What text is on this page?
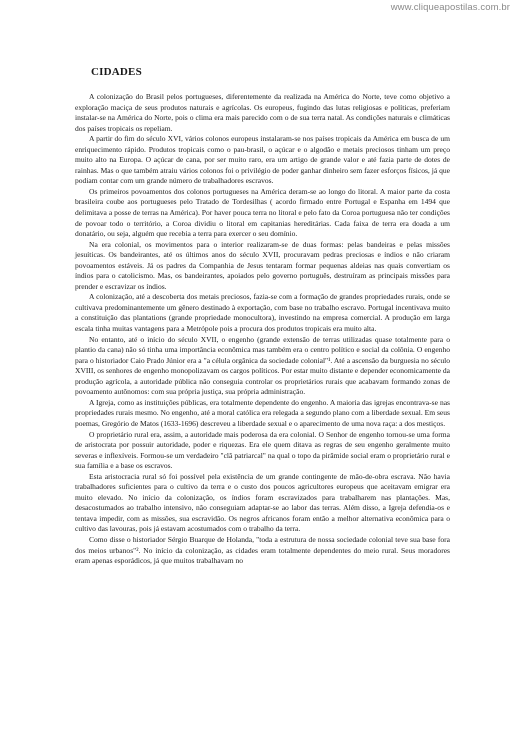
www.cliqueapostilas.com.br
CIDADES

A colonização do Brasil pelos portugueses, diferentemente da realizada na América do Norte, teve como objetivo a exploração maciça de seus produtos naturais e agrícolas. Os europeus, fugindo das lutas religiosas e políticas, preferiam instalar-se na América do Norte, pois o clima era mais parecido com o de sua terra natal. As condições naturais e climáticas dos países tropicais os repeliam.

A partir do fim do século XVI, vários colonos europeus instalaram-se nos países tropicais da América em busca de um enriquecimento rápido. Produtos tropicais como o pau-brasil, o açúcar e o algodão e metais preciosos tinham um preço muito alto na Europa. O açúcar de cana, por ser muito raro, era um artigo de grande valor e até fazia parte de dotes de rainhas. Mas o que também atraiu vários colonos foi o privilégio de poder ganhar dinheiro sem fazer esforços físicos, já que podiam contar com um grande número de trabalhadores escravos.

Os primeiros povoamentos dos colonos portugueses na América deram-se ao longo do litoral. A maior parte da costa brasileira coube aos portugueses pelo Tratado de Tordesilhas ( acordo firmado entre Portugal e Espanha em 1494 que delimitava a posse de terras na América). Por haver pouca terra no litoral e pelo fato da Coroa portuguesa não ter condições de povoar todo o território, a Coroa dividiu o litoral em capitanias hereditárias. Cada faixa de terra era doada a um donatário, ou seja, alguém que recebia a terra para exercer o seu domínio.

Na era colonial, os movimentos para o interior realizaram-se de duas formas: pelas bandeiras e pelas missões jesuíticas. Os bandeirantes, até os últimos anos do século XVII, procuravam pedras preciosas e índios e não criaram povoamentos estáveis. Já os padres da Companhia de Jesus tentaram formar pequenas aldeias nas quais convertiam os índios para o catolicismo. Mas, os bandeirantes, apoiados pelo governo português, destruíram as principais missões para prender e escravizar os índios.

A colonização, até a descoberta dos metais preciosos, fazia-se com a formação de grandes propriedades rurais, onde se cultivava predominantemente um gênero destinado à exportação, com base no trabalho escravo. Portugal incentivava muito a constituição das plantations (grande propriedade monocultora), investindo na empresa comercial. A produção em larga escala tinha muitas vantagens para a Metrópole pois a procura dos produtos tropicais era muito alta.

No entanto, até o início do século XVII, o engenho (grande extensão de terras utilizadas quase totalmente para o plantio da cana) não só tinha uma importância econômica mas também era o centro político e social da colônia. O engenho para o historiador Caio Prado Júnior era a "a célula orgânica da sociedade colonial"¹. Até a ascensão da burguesia no século XVIII, os senhores de engenho monopolizavam os cargos políticos. Por estar muito distante e depender economicamente da produção agrícola, a autoridade pública não conseguia controlar os proprietários rurais que acabavam formando zonas de povoamento autônomos: com sua própria justiça, sua própria administração.

A Igreja, como as instituições públicas, era totalmente dependente do engenho. A maioria das igrejas encontrava-se nas propriedades rurais mesmo. No engenho, até a moral católica era relegada a segundo plano com a liberdade sexual. Em seus poemas, Gregório de Matos (1633-1696) descreveu a liberdade sexual e o aparecimento de uma nova raça: a dos mestiços.

O proprietário rural era, assim, a autoridade mais poderosa da era colonial. O Senhor de engenho tornou-se uma forma de aristocrata por possuir autoridade, poder e riquezas. Era ele quem ditava as regras de seu engenho geralmente muito severas e inflexíveis. Formou-se um verdadeiro "clã patriarcal" na qual o topo da pirâmide social eram o proprietário rural e sua família e a base os escravos.

Esta aristocracia rural só foi possível pela existência de um grande contingente de mão-de-obra escrava. Não havia trabalhadores suficientes para o cultivo da terra e o custo dos poucos agricultores europeus que aceitavam emigrar era muito elevado. No início da colonização, os índios foram escravizados para trabalharem nas plantações. Mas, desacostumados ao trabalho intensivo, não conseguiam adaptar-se ao labor das terras. Além disso, a Igreja defendia-os e tentava impedir, com as missões, sua escravidão. Os negros africanos foram então a melhor alternativa econômica para o cultivo das lavouras, pois já estavam acostumados com o trabalho da terra.

Como disse o historiador Sérgio Buarque de Holanda, "toda a estrutura de nossa sociedade colonial teve sua base fora dos meios urbanos"². No início da colonização, as cidades eram totalmente dependentes do meio rural. Seus moradores eram apenas esporádicos, já que muitos trabalhavam no
